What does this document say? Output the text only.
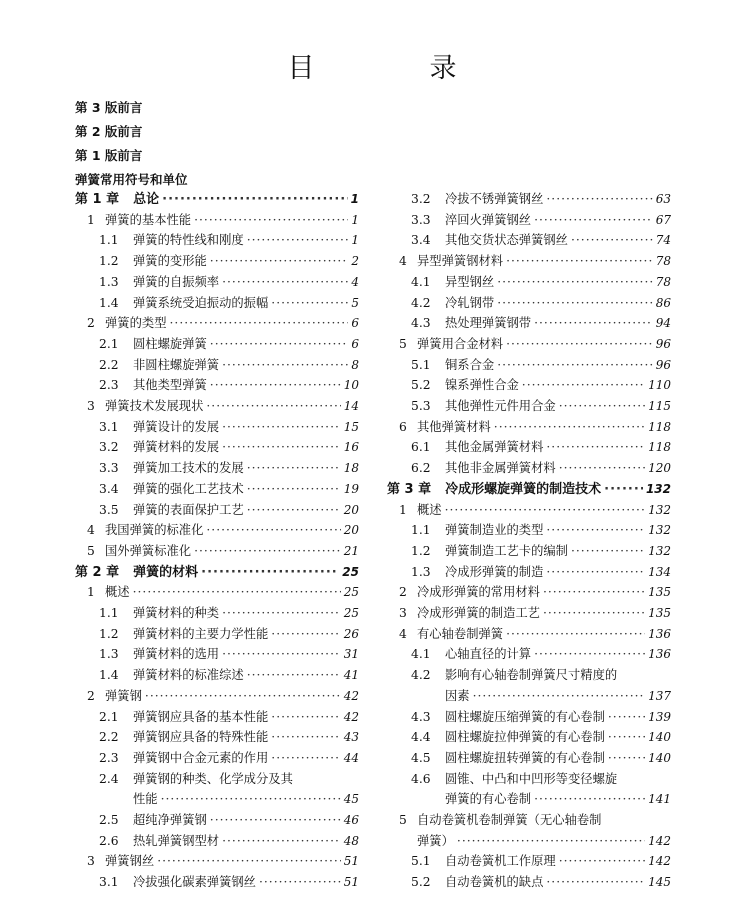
目　录
第 3 版前言
第 2 版前言
第 1 版前言
弹簧常用符号和单位
第 1 章 总论 ·····	1
1 弹簧的基本性能 ·····	1
1.1	弹簧的特性线和刚度 ·····	1
1.2	弹簧的变形能 ·····	2
1.3	弹簧的自振频率 ·····	4
1.4	弹簧系统受迫振动的振幅 ·····	5
2 弹簧的类型 ·····	6
2.1	圆柱螺旋弹簧 ·····	6
2.2	非圆柱螺旋弹簧 ·····	8
2.3	其他类型弹簧 ·····	10
3 弹簧技术发展现状 ·····	14
3.1	弹簧设计的发展 ·····	15
3.2	弹簧材料的发展 ·····	16
3.3	弹簧加工技术的发展 ·····	18
3.4	弹簧的强化工艺技术 ·····	19
3.5	弹簧的表面保护工艺 ·····	20
4 我国弹簧的标准化 ·····	20
5 国外弹簧标准化 ·····	21
第 2 章 弹簧的材料 ·····	25
1 概述 ·····	25
1.1	弹簧材料的种类 ·····	25
1.2	弹簧材料的主要力学性能 ·····	26
1.3	弹簧材料的选用 ·····	31
1.4	弹簧材料的标准综述 ·····	41
2 弹簧钢 ·····	42
2.1	弹簧钢应具备的基本性能 ·····	42
2.2	弹簧钢应具备的特殊性能 ·····	43
2.3	弹簧钢中合金元素的作用 ·····	44
2.4	弹簧钢的种类、化学成分及其
性能 ·····	45
2.5	超纯净弹簧钢 ·····	46
2.6	热轧弹簧钢型材 ·····	48
3 弹簧钢丝 ·····	51
3.1	冷拔强化碳素弹簧钢丝 ·····	51
3.2	冷拔不锈弹簧钢丝 ·····	63
3.3	淬回火弹簧钢丝 ·····	67
3.4	其他交货状态弹簧钢丝 ·····	74
4 异型弹簧钢材料 ·····	78
4.1	异型钢丝 ·····	78
4.2	冷轧钢带 ·····	86
4.3	热处理弹簧钢带 ·····	94
5 弹簧用合金材料 ·····	96
5.1	铜系合金 ·····	96
5.2	镍系弹性合金 ·····	110
5.3	其他弹性元件用合金 ·····	115
6 其他弹簧材料 ·····	118
6.1	其他金属弹簧材料 ·····	118
6.2	其他非金属弹簧材料 ·····	120
第 3 章 冷成形螺旋弹簧的制造技术 ·····	132
1 概述 ·····	132
1.1	弹簧制造业的类型 ·····	132
1.2	弹簧制造工艺卡的编制 ·····	132
1.3	冷成形弹簧的制造 ·····	134
2 冷成形弹簧的常用材料 ·····	135
3 冷成形弹簧的制造工艺 ·····	135
4 有心轴卷制弹簧 ·····	136
4.1	心轴直径的计算 ·····	136
4.2	影响有心轴卷制弹簧尺寸精度的
因素 ·····	137
4.3	圆柱螺旋压缩弹簧的有心卷制 ·····	139
4.4	圆柱螺旋拉伸弹簧的有心卷制 ·····	140
4.5	圆柱螺旋扭转弹簧的有心卷制 ·····	140
4.6	圆锥、中凸和中凹形等变径螺旋
弹簧的有心卷制 ·····	141
5 自动卷簧机卷制弹簧（无心轴卷制
弹簧） ·····	142
5.1	自动卷簧机工作原理 ·····	142
5.2	自动卷簧机的缺点 ·····	145
